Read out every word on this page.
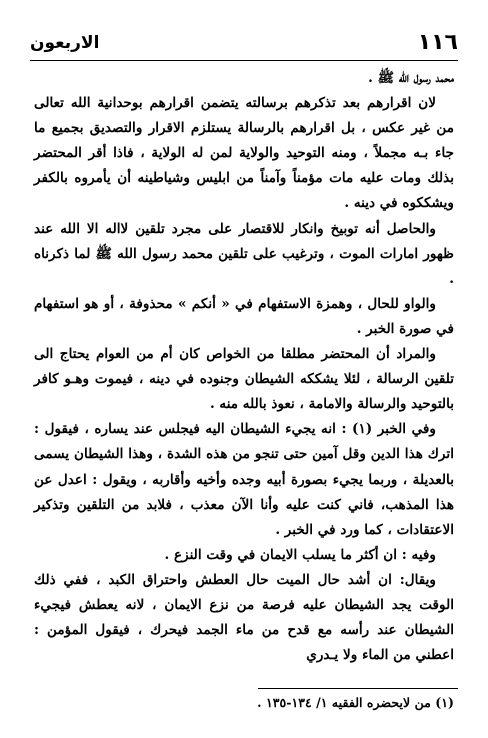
١١٦
الاربعون

محمد رسول الله ﷺ .

لان اقرارهم بعد تذكرهم برسالته يتضمن اقرارهم بوحدانية الله تعالى من غير عكس ، بل اقرارهم بالرسالة يستلزم الاقرار والتصديق بجميع ما جاء بـه مجملاً ، ومنه التوحيد والولاية لمن له الولاية ، فاذا أقر المحتضر بذلك ومات عليه مات مؤمناً وآمناً من ابليس وشياطينه أن يأمروه بالكفر ويشككوه في دينه .

والحاصل أنه توبيخ وانكار للاقتصار على مجرد تلقين لااله الا الله عند ظهور امارات الموت ، وترغيب على تلقين محمد رسول الله ﷺ لما ذكرناه .

والواو للحال ، وهمزة الاستفهام في « أنكم » محذوفة ، أو هو استفهام في صورة الخبر .

والمراد أن المحتضر مطلقا من الخواص كان أم من العوام يحتاج الى تلقين الرسالة ، لئلا يشككه الشيطان وجنوده في دينه ، فيموت وهـو كافر بالتوحيد والرسالة والامامة ، نعوذ بالله منه .

وفي الخبر (١) : انه يجيء الشيطان اليه فيجلس عند يساره ، فيقول : اترك هذا الدين وقل آمين حتى تنجو من هذه الشدة ، وهذا الشيطان يسمى بالعديلة ، وربما يجيء بصورة أبيه وجده وأخيه وأقاربه ، ويقول : اعدل عن هذا المذهب، فاني كنت عليه وأنا الآن معذب ، فلابد من التلقين وتذكير الاعتقادات ، كما ورد في الخبر .

وفيه : ان أكثر ما يسلب الايمان في وقت النزع .

ويقال: ان أشد حال الميت حال العطش واحتراق الكبد ، ففي ذلك الوقت يجد الشيطان عليه فرصة من نزع الايمان ، لانه يعطش فيجيء الشيطان عند رأسه مع قدح من ماء الجمد فيحرك ، فيقول المؤمن : اعطني من الماء ولا يـدري

(١) من لايحضره الفقيه ١/ ١٣٤-١٣٥ .
